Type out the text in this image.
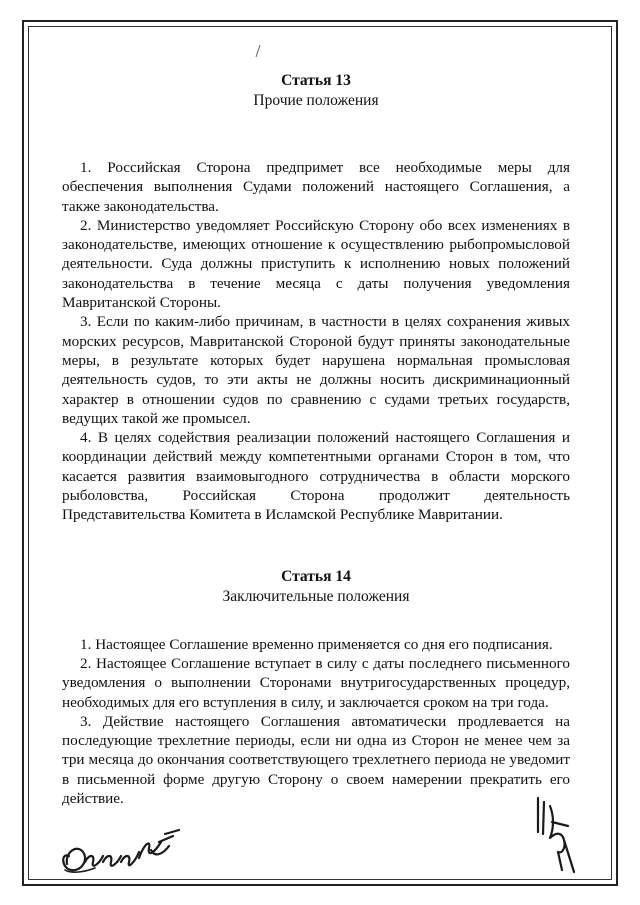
Статья 13
Прочие положения

1. Российская Сторона предпримет все необходимые меры для обеспечения выполнения Судами положений настоящего Соглашения, а также законодательства.

2. Министерство уведомляет Российскую Сторону обо всех изменениях в законодательстве, имеющих отношение к осуществлению рыбопромысловой деятельности. Суда должны приступить к исполнению новых положений законодательства в течение месяца с даты получения уведомления Мавританской Стороны.

3. Если по каким-либо причинам, в частности в целях сохранения живых морских ресурсов, Мавританской Стороной будут приняты законодательные меры, в результате которых будет нарушена нормальная промысловая деятельность судов, то эти акты не должны носить дискриминационный характер в отношении судов по сравнению с судами третьих государств, ведущих такой же промысел.

4. В целях содействия реализации положений настоящего Соглашения и координации действий между компетентными органами Сторон в том, что касается развития взаимовыгодного сотрудничества в области морского рыболовства, Российская Сторона продолжит деятельность Представительства Комитета в Исламской Республике Мавритании.

Статья 14
Заключительные положения

1. Настоящее Соглашение временно применяется со дня его подписания.

2. Настоящее Соглашение вступает в силу с даты последнего письменного уведомления о выполнении Сторонами внутригосударственных процедур, необходимых для его вступления в силу, и заключается сроком на три года.

3. Действие настоящего Соглашения автоматически продлевается на последующие трехлетние периоды, если ни одна из Сторон не менее чем за три месяца до окончания соответствующего трехлетнего периода не уведомит в письменной форме другую Сторону о своем намерении прекратить его действие.
